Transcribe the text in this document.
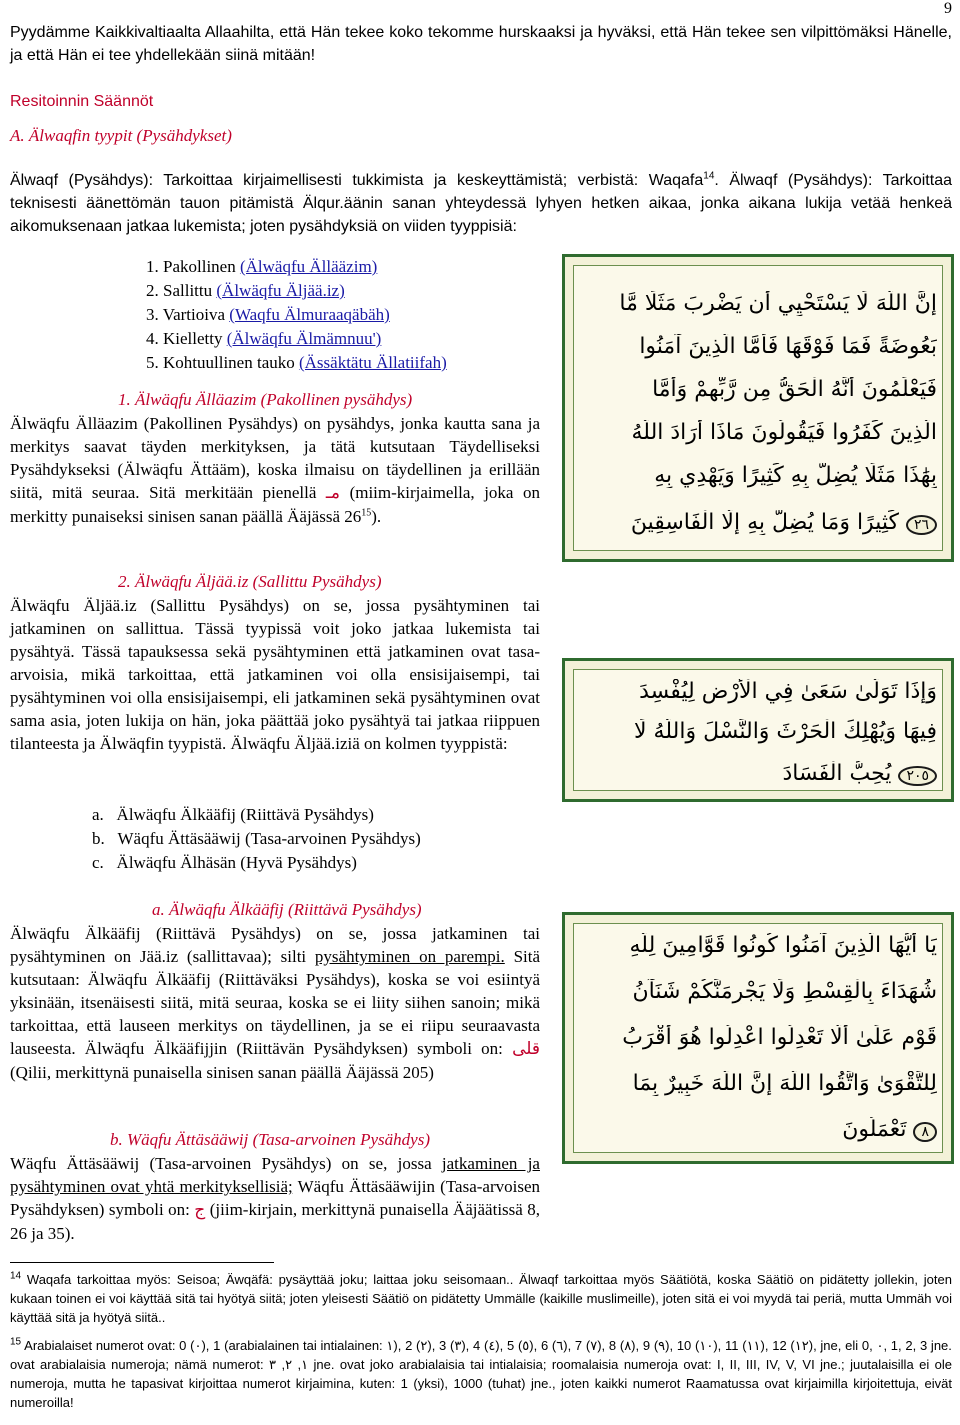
9
Pyydämme Kaikkivaltiaalta Allaahilta, että Hän tekee koko tekomme hurskaaksi ja hyväksi, että Hän tekee sen vilpittömäksi Hänelle, ja että Hän ei tee yhdellekään siinä mitään!
Resitoinnin Säännöt
A. Älwaqfin tyypit (Pysähdykset)
Älwaqf (Pysähdys): Tarkoittaa kirjaimellisesti tukkimista ja keskeyttämistä; verbistä: Waqafa$^{14}$. Älwaqf (Pysähdys): Tarkoittaa teknisesti äänettömän tauon pitämistä Älqur.äänin sanan yhteydessä lyhyen hetken aikaa, jonka aikana lukija vetää henkeä aikomuksenaan jatkaa lukemista; joten pysähdyksiä on viiden tyyppisiä:
1. Pakollinen (Älwäqfu Ällääzim)
2. Sallittu (Älwäqfu Äljää.iz)
3. Vartioiva (Waqfu Älmuraaqäbäh)
4. Kielletty (Älwäqfu Älmämnuu')
5. Kohtuullinen tauko (Ässäktätu Ällatiifah)
1. Älwäqfu Älläazim (Pakollinen pysähdys)
Älwäqfu Älläazim (Pakollinen Pysähdys) on pysähdys, jonka kautta sana ja merkitys saavat täyden merkityksen, ja tätä kutsutaan Täydelliseksi Pysähdykseksi (Älwäqfu Ättääm), koska ilmaisu on täydellinen ja erillään siitä, mitä seuraa. Sitä merkitään pienellä مـ (miim-kirjaimella, joka on merkitty punaiseksi sinisen sanan päällä Ääjässä $26^{15}$).
2. Älwäqfu Äljää.iz (Sallittu Pysähdys)
Älwäqfu Äljää.iz (Sallittu Pysähdys) on se, jossa pysähtyminen tai jatkaminen on sallittua. Tässä tyypissä voit joko jatkaa lukemista tai pysähtyä. Tässä tapauksessa sekä pysähtyminen että jatkaminen ovat tasa-arvoisia, mikä tarkoittaa, että jatkaminen voi olla ensisijaisempi, tai pysähtyminen voi olla ensisijaisempi, eli jatkaminen sekä pysähtyminen ovat sama asia, joten lukija on hän, joka päättää joko pysähtyä tai jatkaa riippuen tilanteesta ja Älwäqfin tyypistä. Älwäqfu Äljää.iziä on kolmen tyyppistä:
a. Älwäqfu Älkääfij (Riittävä Pysähdys)
b. Wäqfu Ättäsääwij (Tasa-arvoinen Pysähdys)
c. Älwäqfu Älhäsän (Hyvä Pysähdys)
a. Älwäqfu Älkääfij (Riittävä Pysähdys)
Älwäqfu Älkääfij (Riittävä Pysähdys) on se, jossa jatkaminen tai pysähtyminen on Jää.iz (sallittavaa); silti pysähtyminen on parempi. Sitä kutsutaan: Älwäqfu Älkääfij (Riittäväksi Pysähdys), koska se voi esiintyä yksinään, itsenäisesti siitä, mitä seuraa, koska se ei liity siihen sanoin; mikä tarkoittaa, että lauseen merkitys on täydellinen, ja se ei riipu seuraavasta lauseesta. Älwäqfu Älkääfijjin (Riittävän Pysähdyksen) symboli on: قلى (Qilii, merkittynä punaisella sinisen sanan päällä Ääjässä 205)
b. Wäqfu Ättäsääwij (Tasa-arvoinen Pysähdys)
Wäqfu Ättäsääwij (Tasa-arvoinen Pysähdys) on se, jossa jatkaminen ja pysähtyminen ovat yhtä merkityksellisiä; Wäqfu Ättäsääwijin (Tasa-arvoisen Pysähdyksen) symboli on: ج (jiim-kirjain, merkittynä punaisella Ääjäätissä 8, 26 ja 35).
$^{14}$ Waqafa tarkoittaa myös: Seisoa; Äwqäfä: pysäyttää joku; laittaa joku seisomaan.. Älwaqf tarkoittaa myös Säätiötä, koska Säätiö on pidätetty jollekin, joten kukaan toinen ei voi käyttää sitä tai hyötyä siitä; joten yleisesti Säätiö on pidätetty Ummälle (kaikille muslimeille), joten sitä ei voi myydä tai periä, mutta Ummäh voi käyttää sitä ja hyötyä siitä..
$^{15}$ Arabialaiset numerot ovat: 0 (٠), 1 (arabialainen tai intialainen: ١), 2 (٢), 3 (٣), 4 (٤), 5 (٥), 6 (٦), 7 (٧), 8 (٨), 9 (٩), 10 (١٠), 11 (١١), 12 (١٢), jne, eli 0, ٠, 1, 2, 3 jne. ovat arabialaisia numeroja; nämä numerot: ١, ٢, ٣ jne. ovat joko arabialaisia tai intialaisia; roomalaisia numeroja ovat: I, II, III, IV, V, VI jne.; juutalaisilla ei ole numeroja, mutta he tapasivat kirjoittaa numerot kirjaimina, kuten: 1 (yksi), 1000 (tuhat) jne., joten kaikki numerot Raamatussa ovat kirjaimilla kirjoitettuja, eivät numeroilla!
إِنَّ اللَّهَ لَا يَسْتَحْيِي أَن يَضْرِبَ مَثَلًا مَّا
بَعُوضَةً فَمَا فَوْقَهَا فَأَمَّا الَّذِينَ آمَنُوا
فَيَعْلَمُونَ أَنَّهُ الْحَقُّ مِن رَّبِّهِمْ وَأَمَّا
الَّذِينَ كَفَرُوا فَيَقُولُونَ مَاذَا أَرَادَ اللَّهُ
بِهَٰذَا مَثَلًا يُضِلُّ بِهِ كَثِيرًا وَيَهْدِي بِهِ
٢٦ كَثِيرًا وَمَا يُضِلُّ بِهِ إِلَّا الْفَاسِقِينَ
وَإِذَا تَوَلَّىٰ سَعَىٰ فِي الْأَرْضِ لِيُفْسِدَ
فِيهَا وَيُهْلِكَ الْحَرْثَ وَالنَّسْلَ وَاللَّهُ لَا
٢٠٥ يُحِبُّ الْفَسَادَ
يَا أَيُّهَا الَّذِينَ آمَنُوا كُونُوا قَوَّامِينَ لِلَّهِ
شُهَدَاءَ بِالْقِسْطِ وَلَا يَجْرِمَنَّكُمْ شَنَآنُ
قَوْمٍ عَلَىٰ أَلَّا تَعْدِلُوا اعْدِلُوا هُوَ أَقْرَبُ
لِلتَّقْوَىٰ وَاتَّقُوا اللَّهَ إِنَّ اللَّهَ خَبِيرٌ بِمَا
٨ تَعْمَلُونَ
